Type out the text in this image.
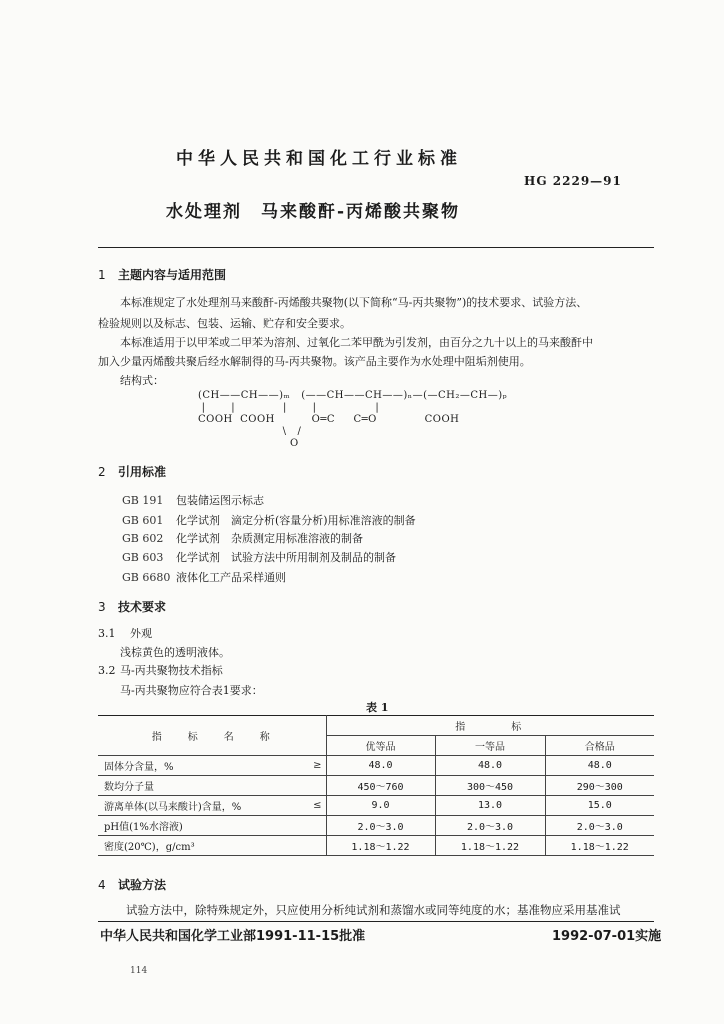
中华人民共和国化工行业标准
HG 2229—91
水处理剂　马来酸酐-丙烯酸共聚物
1 主题内容与适用范围
本标准规定了水处理剂马来酸酐-丙烯酸共聚物(以下简称“马-丙共聚物”)的技术要求、试验方法、
检验规则以及标志、包装、运输、贮存和安全要求。
本标准适用于以甲苯或二甲苯为溶剂、过氧化二苯甲酰为引发剂，由百分之九十以上的马来酸酐中
加入少量丙烯酸共聚后经水解制得的马-丙共聚物。该产品主要作为水处理中阻垢剂使用。
结构式：
(CH——CH——)ₘ   (——CH——CH——)ₙ—(—CH₂—CH—)ₚ
|       |             |       |                |
COOH  COOH          O═C     C═O             COOH
\   /
O
2 引用标准
GB 191 包装储运图示标志
GB 601 化学试剂　滴定分析(容量分析)用标准溶液的制备
GB 602 化学试剂　杂质测定用标准溶液的制备
GB 603 化学试剂　试验方法中所用制剂及制品的制备
GB 6680 液体化工产品采样通则
3 技术要求
3.1 外观
浅棕黄色的透明液体。
3.2 马-丙共聚物技术指标
马-丙共聚物应符合表1要求：
表 1
指　　标　　名　　称		指　　　标		
		优等品	一等品	合格品
固体分含量，%	≥	48.0	48.0	48.0
数均分子量		450～760	300～450	290～300
游离单体(以马来酸计)含量，%	≤	9.0	13.0	15.0
pH值(1%水溶液)		2.0～3.0	2.0～3.0	2.0～3.0
密度(20℃)，g/cm³		1.18～1.22	1.18～1.22	1.18～1.22
4 试验方法
试验方法中，除特殊规定外，只应使用分析纯试剂和蒸馏水或同等纯度的水；基准物应采用基准试
中华人民共和国化学工业部1991-11-15批准	1992-07-01实施
114
